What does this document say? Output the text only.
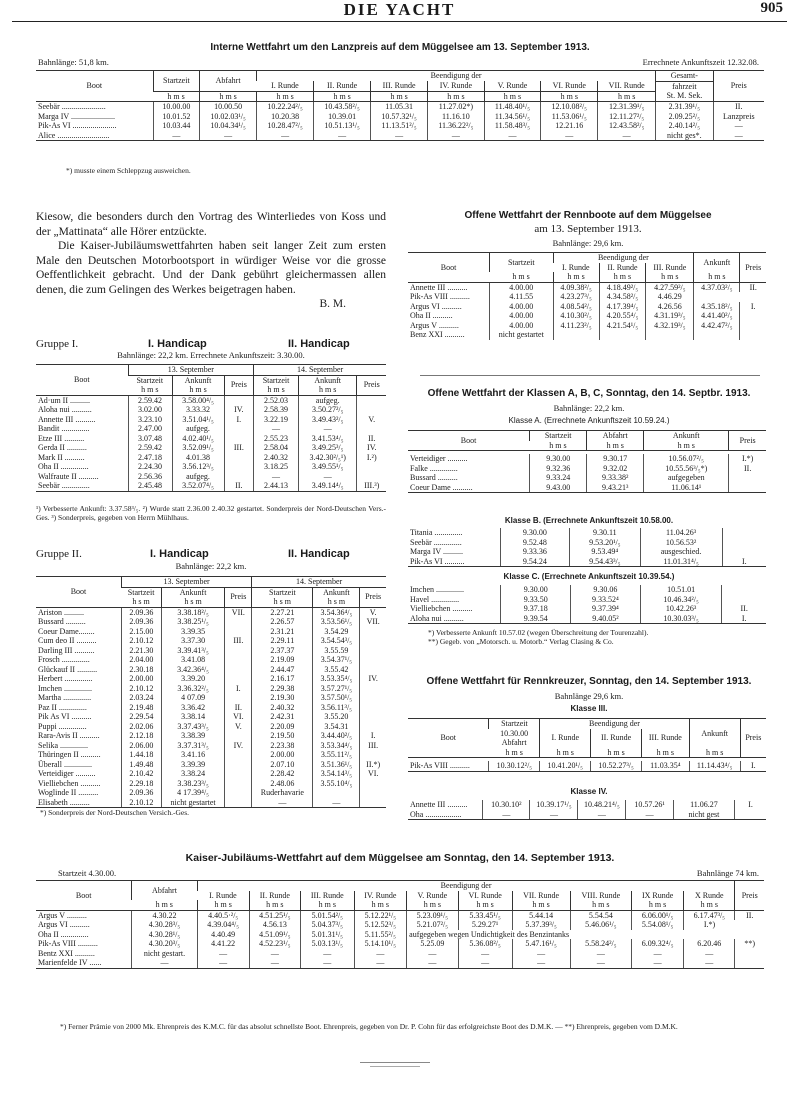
DIE YACHT	905
Interne Wettfahrt um den Lanzpreis auf dem Müggelsee am 13. September 1913.
Bahnlänge: 51,8 km.	Errechnete Ankunftszeit 12.32.08.
Boot	Startzeit	Abfahrt	Beendigung der							Gesamt-	Preis
			I. Runde	II. Runde	III. Runde	IV. Runde	V. Runde	VI. Runde	VII. Runde	fahrzeit	
	h m s	h m s	h m s	h m s	h m s	h m s	h m s	h m s	h m s	St. M. Sek.	
Seebär ......................	10.00.00	10.00.50	10.22.24²/₅	10.43.58²/₅	11.05.31	11.27.02*)	11.48.40¹/₅	12.10.08²/₅	12.31.39¹/₅	2.31.39¹/₅	II.
Marga IV ......................	10.01.52	10.02.03¹/₅	10.20.38	10.39.01	10.57.32¹/₅	11.16.10	11.34.56¹/₅	11.53.06¹/₅	12.11.27²/₅	2.09.25²/₅	Lanzpreis
Pik-As VI ......................	10.03.44	10.04.34¹/₅	10.28.47²/₅	10.51.13¹/₅	11.13.51²/₅	11.36.22²/₅	11.58.48³/₅	12.21.16	12.43.58²/₅	2.40.14²/₅	—
Alice ..........................	—	—	—	—	—	—	—	—	—	nicht ges*.	—
*) musste einem Schleppzug ausweichen.
Kiesow, die besonders durch den Vortrag des Winterliedes von Koss und der „Mattinata“ alle Hörer entzückte.
Die Kaiser-Jubiläumswettfahrten haben seit langer Zeit zum ersten Male den Deutschen Motorbootsport in würdiger Weise vor die grosse Oeffentlichkeit gebracht. Und der Dank gebührt gleichermassen allen denen, die zum Gelingen des Werkes beigetragen haben.
B. M.
Gruppe I.	I. Handicap	II. Handicap
Bahnlänge: 22,2 km. Errechnete Ankunftszeit: 3.30.00.
Boot	13. September			14. September		
	Startzeit	Ankunft	Preis	Startzeit	Ankunft	Preis
	h m s	h m s		h m s	h m s	
Ad·um II ..........	2.59.42	3.58.00⁴/₅		2.52.03	aufgeg.	
Aloha nui ..........	3.02.00	3.33.32	IV.	2.58.39	3.50.27²/₅	
Annette III ..........	3.23.10	3.51.04¹/₅	I.	3.22.19	3.49.43²/₅	V.
Bandit ..............	2.47.00	aufgeg.		—	—	
Etze III ..........	3.07.48	4.02.40¹/₅		2.55.23	3.41.53⁴/₅	II.
Gerda II ..........	2.59.42	3.52.09¹/₅	III.	2.58.04	3.49.25³/₅	IV.
Mark II ..........	2.47.18	4.01.38		2.40.32	3.42.30²/₅¹)	I.²)
Oha II ..............	2.24.30	3.56.12³/₅		3.18.25	3.49.55¹/₅	
Walfraute II ..........	2.56.36	aufgeg.		—	—	
Seebär ..............	2.45.48	3.52.07⁴/₅	II.	2.44.13	3.49.14⁴/₅	III.³)
¹) Verbesserte Ankunft: 3.37.58³/₅. ²) Wurde statt 2.36.00 2.40.32 gestartet. Sonderpreis der Nord-Deutschen Vers.-Ges. ³) Sonderpreis, gegeben von Herrn Mühlhaus.
Gruppe II.	I. Handicap	II. Handicap
Bahnlänge: 22,2 km.
Boot	13. September			14. September		
	Startzeit	Ankunft	Preis	Startzeit	Ankunft	Preis
	h s m	h s m		h s m	h s m	
Ariston ..........	2.09.36	3.38.18²/₅	VII.	2.27.21	3.54.36⁴/₅	V.
Bussard ..........	2.09.36	3.38.25¹/₅		2.26.57	3.53.56¹/₅	VII.
Coeur Dame........	2.15.00	3.39.35		2.31.21	3.54.29	
Cum deo II ..........	2.10.12	3.37.30	III.	2.29.11	3.54.54³/₅	
Darling III ..........	2.21.30	3.39.41³/₅		2.37.37	3.55.59	
Frosch ..............	2.04.00	3.41.08		2.19.09	3.54.37¹/₅	
Glückauf II ..........	2.30.18	3.42.36⁴/₅		2.44.47	3.55.42	
Herbert ..............	2.00.00	3.39.20		2.16.17	3.53.35⁴/₅	IV.
Imchen ..............	2.10.12	3.36.32²/₅	I.	2.29.38	3.57.27¹/₅	
Martha ..............	2.03.24	4 07.09		2.19.30	3.57.50¹/₅	
Paz II ..............	2.19.48	3.36.42	II.	2.40.32	3.56.11³/₅	
Pik As VI ..........	2.29.54	3.38.14	VI.	2.42.31	3.55.20	
Puppi ..............	2.02.06	3.37.43³/₅	V.	2.20.09	3.54.31	
Rara-Avis II ..........	2.12.18	3.38.39		2.19.50	3.44.40²/₅	I.
Selika ..............	2.06.00	3.37.31³/₅	IV.	2.23.38	3.53.34⁴/₅	III.
Thüringen II ..........	1.44.18	3.41.16		2.00.00	3.55.11²/₅	
Überall ..............	1.49.48	3.39.39		2.07.10	3.51.36¹/₅	II.*)
Verteidiger ..........	2.10.42	3.38.24		2.28.42	3.54.14³/₅	VI.
Vielliebchen ..........	2.29.18	3.38.23³/₅		2.48.06	3.55.10⁴/₅	
Woglinde II ..........	2.09.36	4 17.39⁴/₅		Ruderhavarie		
Elisabeth ..........	2.10.12	nicht gestartet		—	—	
*) Sonderpreis der Nord-Deutschen Versich.-Ges.
Offene Wettfahrt der Rennboote auf dem Müggelsee
am 13. September 1913.
Bahnlänge: 29,6 km.
Boot	Startzeit	Beendigung der			Ankunft	Preis
		I. Runde	II. Runde	III. Runde		
	h m s	h m s	h m s	h m s	h m s	
Annette III ..........	4.00.00	4.09.38²/₅	4.18.49²/₅	4.27.59²/₅	4.37.03²/₅	II.
Pik-As VIII ..........	4.11.55	4.23.27³/₅	4.34.58²/₅	4.46.29		
Argus VI ..........	4.00.00	4.08.54²/₅	4.17.39⁴/₅	4.26.56	4.35.18²/₅	I.
Oha II ..........	4.00.00	4.10.30²/₅	4.20.55⁴/₅	4.31.19³/₅	4.41.40²/₅	
Argus V ..........	4.00.00	4.11.23²/₅	4.21.54¹/₅	4.32.19³/₅	4.42.47²/₅	
Benz XXI ..........	nicht gestartet					
Offene Wettfahrt der Klassen A, B, C, Sonntag, den 14. Septbr. 1913.
Bahnlänge: 22,2 km.
Klasse A. (Errechnete Ankunftszeit 10.59.24.)
Boot	Startzeit	Abfahrt	Ankunft	Preis
	h m s	h m s	h m s	

Verteidiger ..........	9.30.00	9.30.17	10.56.07²/₅	I.*)
Falke ..............	9.32.36	9.32.02	10.55.56³/₅*)	II.
Bussard ..........	9.33.24	9.33.38²	aufgegeben	
Coeur Dame ..........	9.43.00	9.43.21³	11.06.14¹	
Klasse B. (Errechnete Ankunftszeit 10.58.00.
Titania ..............	9.30.00	9.30.11	11.04.26³	
Seebär ..............	9.52.48	9.53.20¹/₅	10.56.53²	
Marga IV ..........	9.33.36	9.53.49⁴	ausgeschied.	
Pik-As VI ..........	9.54.24	9.54.43³/₅	11.01.31⁴/₅	I.
Klasse C. (Errechnete Ankunftszeit 10.39.54.)
Imchen ..............	9.30.00	9.30.06	10.51.01	
Havel ..............	9.33.50	9.33.52⁴	10.46.34²/₅	
Vielliebchen ..........	9.37.18	9.37.39⁴	10.42.26³	II.
Aloha nui ..........	9.39.54	9.40.05²	10.30.03³/₅	I.
*) Verbesserte Ankunft 10.57.02 (wegen Überschreitung der Tourenzahl).
**) Gegeb. von „Motorsch. u. Motorb.“ Verlag Clasing & Co.
Offene Wettfahrt für Rennkreuzer, Sonntag, den 14. September 1913.
Bahnlänge 29,6 km.
Klasse III.
Boot	Startzeit	Beendigung der			Ankunft	Preis
	10.30.00
Abfahrt	I. Runde	II. Runde	III. Runde		
	h m s	h m s	h m s	h m s	h m s	

Pik-As VIII ..........	10.30.12²/₅	10.41.20¹/₅	10.52.27³/₅	11.03.35⁴	11.14.43⁴/₅	I.
Klasse IV.
Annette III ..........	10.30.10²	10.39.17¹/₅	10.48.21⁴/₅	10.57.26¹	11.06.27	I.
Oha ..................	—	—	—	—	nicht gest	
Kaiser-Jubiläums-Wettfahrt auf dem Müggelsee am Sonntag, den 14. September 1913.
Startzeit 4.30.00.	Bahnlänge 74 km.
Boot	Abfahrt	Beendigung der										Preis
		I. Runde	II. Runde	III. Runde	IV. Runde	V. Runde	VI. Runde	VII. Runde	VIII. Runde	IX Runde	X Runde	
	h m s	h m s	h m s	h m s	h m s	h m s	h m s	h m s	h m s	h m s	h m s	
Argus V ..........	4.30.22	4.40.5·²/₅	4.51.25¹/₅	5.01.54²/₅	5.12.22¹/₅	5.23.09¹/₅	5.33.45¹/₅	5.44.14	5.54.54	6.06.00¹/₅	6.17.47³/₅	II.
Argus VI ..........	4.30.28³/₅	4.39.04⁴/₅	4.56.13	5.04.37³/₅	5.12.52³/₅	5.21.07²/₅	5.29.27¹	5.37.39³/₅	5.46.06¹/₅	5.54.08¹/₅	I.*)	
Oha II ..............	4.30.28¹/₅	4.40.49	4.51.09¹/₅	5.01.31¹/₅	5.11.55²/₅	aufgegeben wegen Undichtigkeit des Benzintanks						
Pik-As VIII ..........	4.30.20³/₅	4.41.22	4.52.23¹/₅	5.03.13¹/₅	5.14.10¹/₅	5.25.09	5.36.08²/₅	5.47.16¹/₅	5.58.24²/₅	6.09.32⁴/₅	6.20.46	**)
Bentz XXI ..........	nicht gestart.	—	—	—	—	—	—	—	—	—	—	
Marienfelde IV ......	—	—	—	—	—	—	—	—	—	—	—	
*) Ferner Prämie von 2000 Mk. Ehrenpreis des K.M.C. für das absolut schnellste Boot. Ehrenpreis, gegeben von Dr. P. Cohn für das erfolgreichste Boot des D.M.K. — **) Ehrenpreis, gegeben vom D.M.K.
